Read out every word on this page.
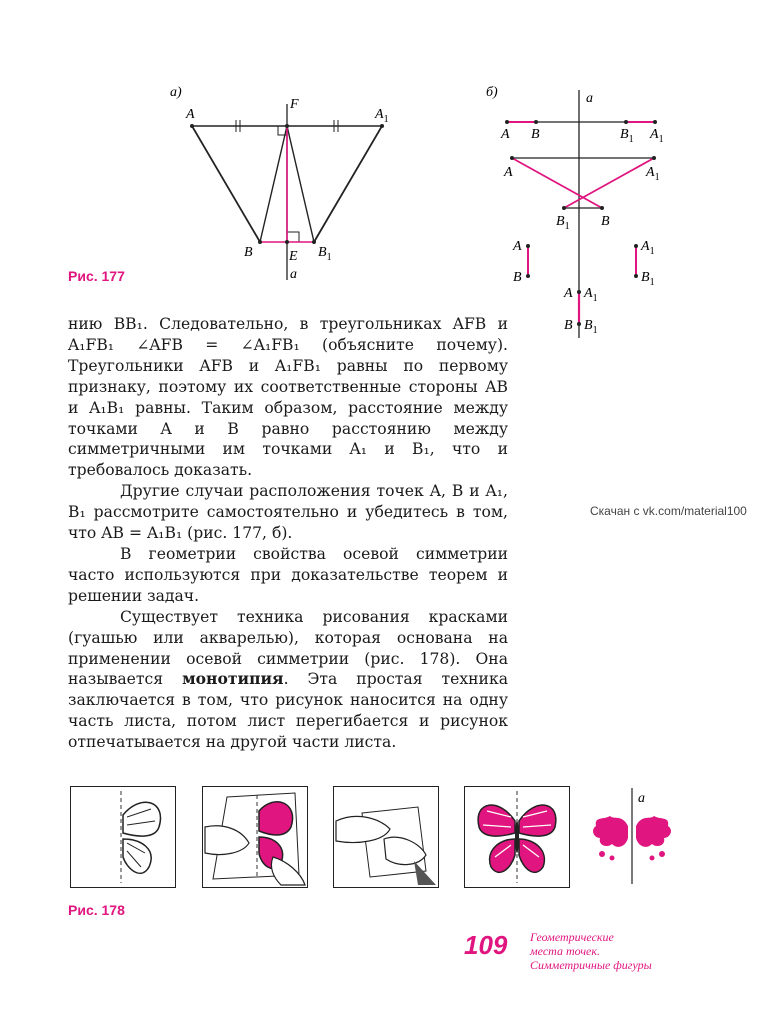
а)
A
F
$A_1$
B	E $B_1$
a
Рис. 177
б)	a
A B	$B_1$ $A_1$
A	$A_1$
$B_1$ B
A
B
$A_1$
$B_1$
A $A_1$
B $B_1$

нию BB₁. Следовательно, в треугольниках AFB и A₁FB₁ ∠AFB = ∠A₁FB₁ (объясните почему). Треугольники AFB и A₁FB₁ равны по первому признаку, поэтому их соответственные стороны AB и A₁B₁ равны. Таким образом, расстояние между точками A и B равно расстоянию между симметричными им точками A₁ и B₁, что и требовалось доказать.

Другие случаи расположения точек A, B и A₁, B₁ рассмотрите самостоятельно и убедитесь в том, что AB = A₁B₁ (рис. 177, б).

В геометрии свойства осевой симметрии часто используются при доказательстве теорем и решении задач.

Существует техника рисования красками (гуашью или акварелью), которая основана на применении осевой симметрии (рис. 178). Она называется монотипия. Эта простая техника заключается в том, что рисунок наносится на одну часть листа, потом лист перегибается и рисунок отпечатывается на другой части листа.

Скачан с vk.com/material100
a
Рис. 178
109 Геометрические
места точек.
Симметричные фигуры
